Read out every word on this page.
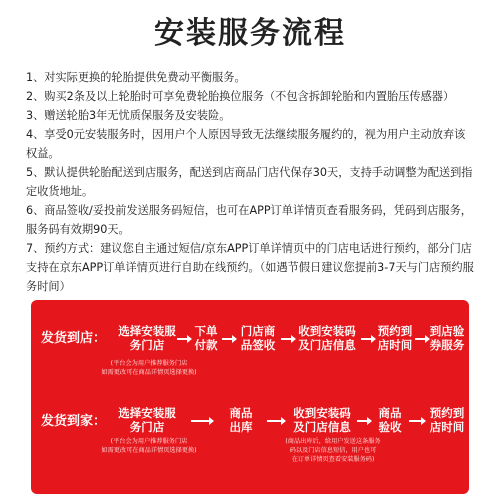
安装服务流程

1、对实际更换的轮胎提供免费动平衡服务。

2、购买2条及以上轮胎时可享免费轮胎换位服务（不包含拆卸轮胎和内置胎压传感器）

3、赠送轮胎3年无忧质保服务及安装险。

4、享受0元安装服务时，因用户个人原因导致无法继续服务履约的，视为用户主动放弃该权益。

5、默认提供轮胎配送到店服务，配送到店商品门店代保存30天，支持手动调整为配送到指定收货地址。

6、商品签收/妥投前发送服务码短信，也可在APP订单详情页查看服务码，凭码到店服务，服务码有效期90天。

7、预约方式：建议您自主通过短信/京东APP订单详情页中的门店电话进行预约，部分门店支持在京东APP订单详情页进行自助在线预约。（如遇节假日建议您提前3-7天与门店预约服务时间）

发货到店： 选择安装服务门店
下单付款
门店商品签收
收到安装码及门店信息
预约到店时间
到店验券服务
(平台会为用户推荐服务门店
如需更改可在商品详情页选择更换)
发货到家：
选择安装服务门店
商品出库
收到安装码及门店信息
商品验收
预约到店时间
(平台会为用户推荐服务门店
如需更改可在商品详情页选择更换)
(商品出库后，给用户发送这条服务
码以及门店信息短信，用户也可
在订单详情页查看安装服务码)
